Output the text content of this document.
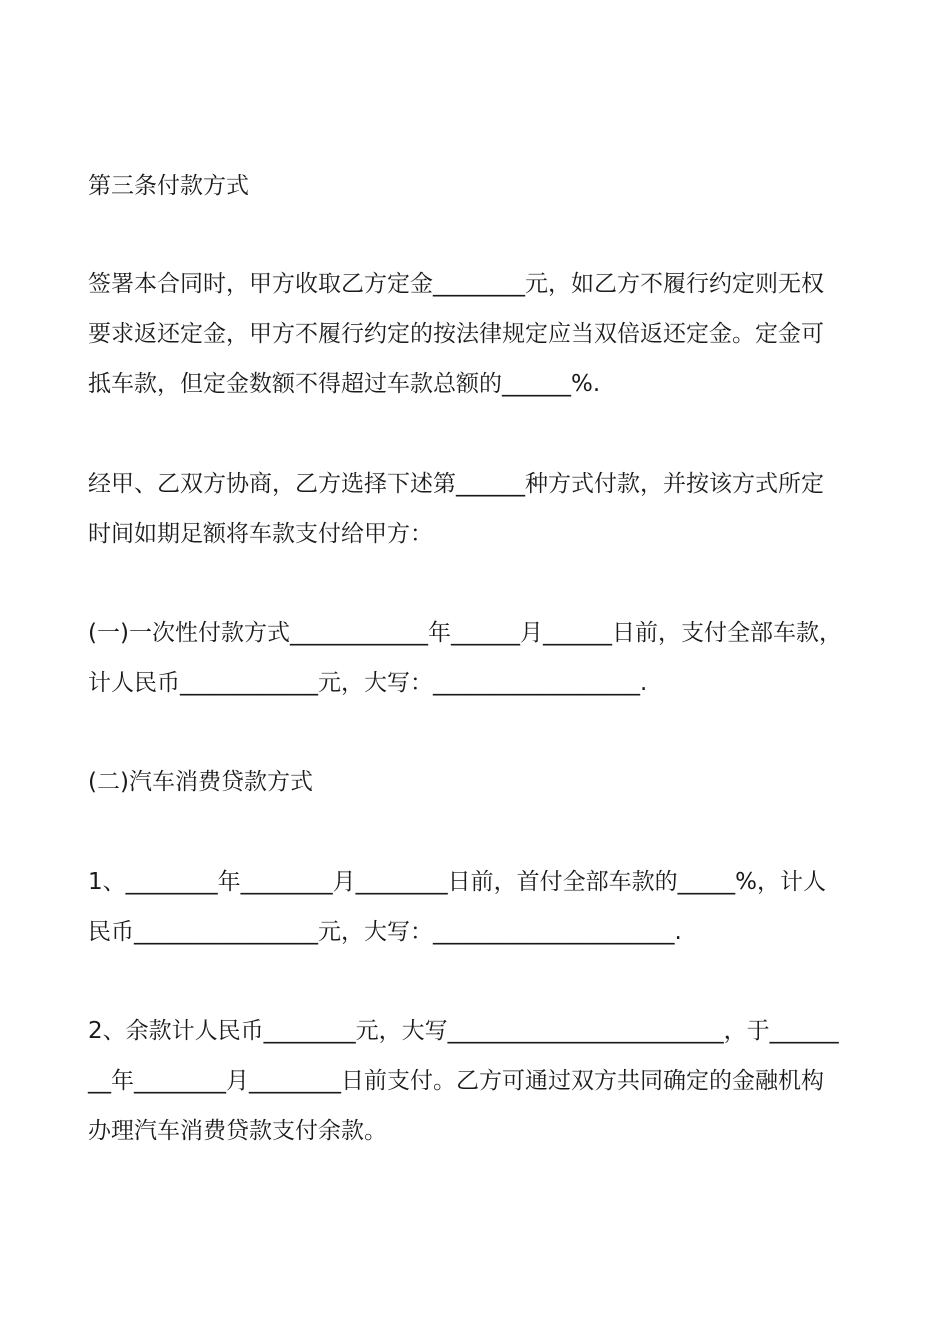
第三条付款方式

签署本合同时，甲方收取乙方定金________元，如乙方不履行约定则无权
要求返还定金，甲方不履行约定的按法律规定应当双倍返还定金。定金可
抵车款，但定金数额不得超过车款总额的______%.

经甲、乙双方协商，乙方选择下述第______种方式付款，并按该方式所定
时间如期足额将车款支付给甲方：

(一)一次性付款方式____________年______月______日前，支付全部车款，
计人民币____________元，大写：__________________.

(二)汽车消费贷款方式

1、________年________月________日前，首付全部车款的_____%，计人
民币________________元，大写：_____________________.

2、余款计人民币________元，大写________________________，于______
__年________月________日前支付。乙方可通过双方共同确定的金融机构
办理汽车消费贷款支付余款。
